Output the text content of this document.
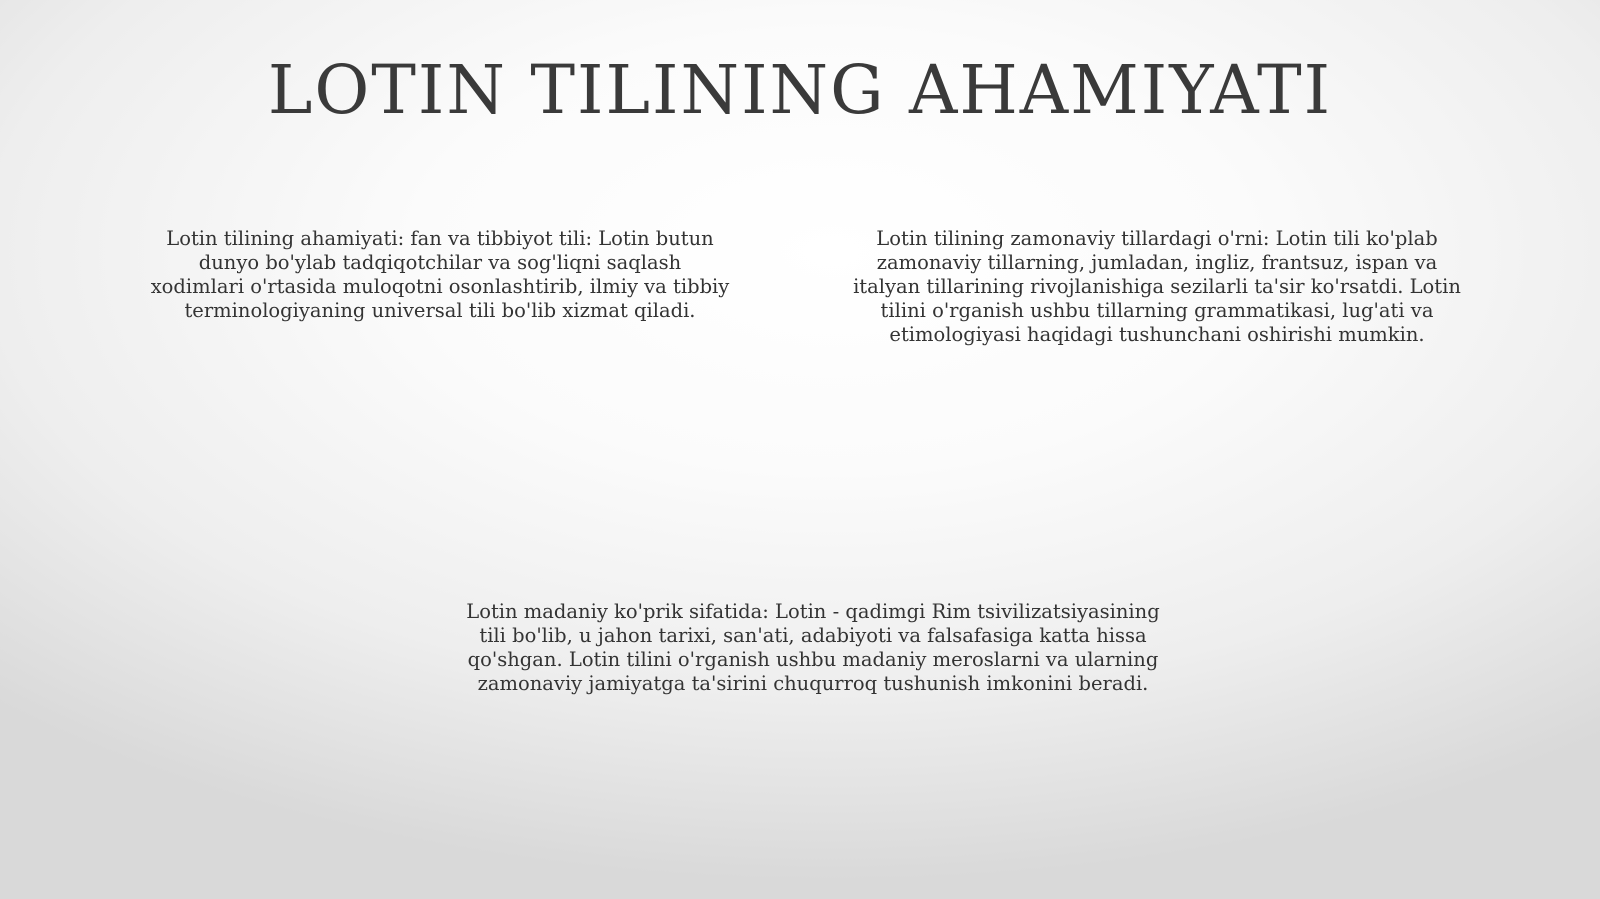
LOTIN TILINING AHAMIYATI

Lotin tilining ahamiyati: fan va tibbiyot tili: Lotin butun dunyo bo'ylab tadqiqotchilar va sog'liqni saqlash xodimlari o'rtasida muloqotni osonlashtirib, ilmiy va tibbiy terminologiyaning universal tili bo'lib xizmat qiladi.

Lotin tilining zamonaviy tillardagi o'rni: Lotin tili ko'plab zamonaviy tillarning, jumladan, ingliz, frantsuz, ispan va italyan tillarining rivojlanishiga sezilarli ta'sir ko'rsatdi. Lotin tilini o'rganish ushbu tillarning grammatikasi, lug'ati va etimologiyasi haqidagi tushunchani oshirishi mumkin.

Lotin madaniy ko'prik sifatida: Lotin - qadimgi Rim tsivilizatsiyasining tili bo'lib, u jahon tarixi, san'ati, adabiyoti va falsafasiga katta hissa qo'shgan. Lotin tilini o'rganish ushbu madaniy meroslarni va ularning zamonaviy jamiyatga ta'sirini chuqurroq tushunish imkonini beradi.
